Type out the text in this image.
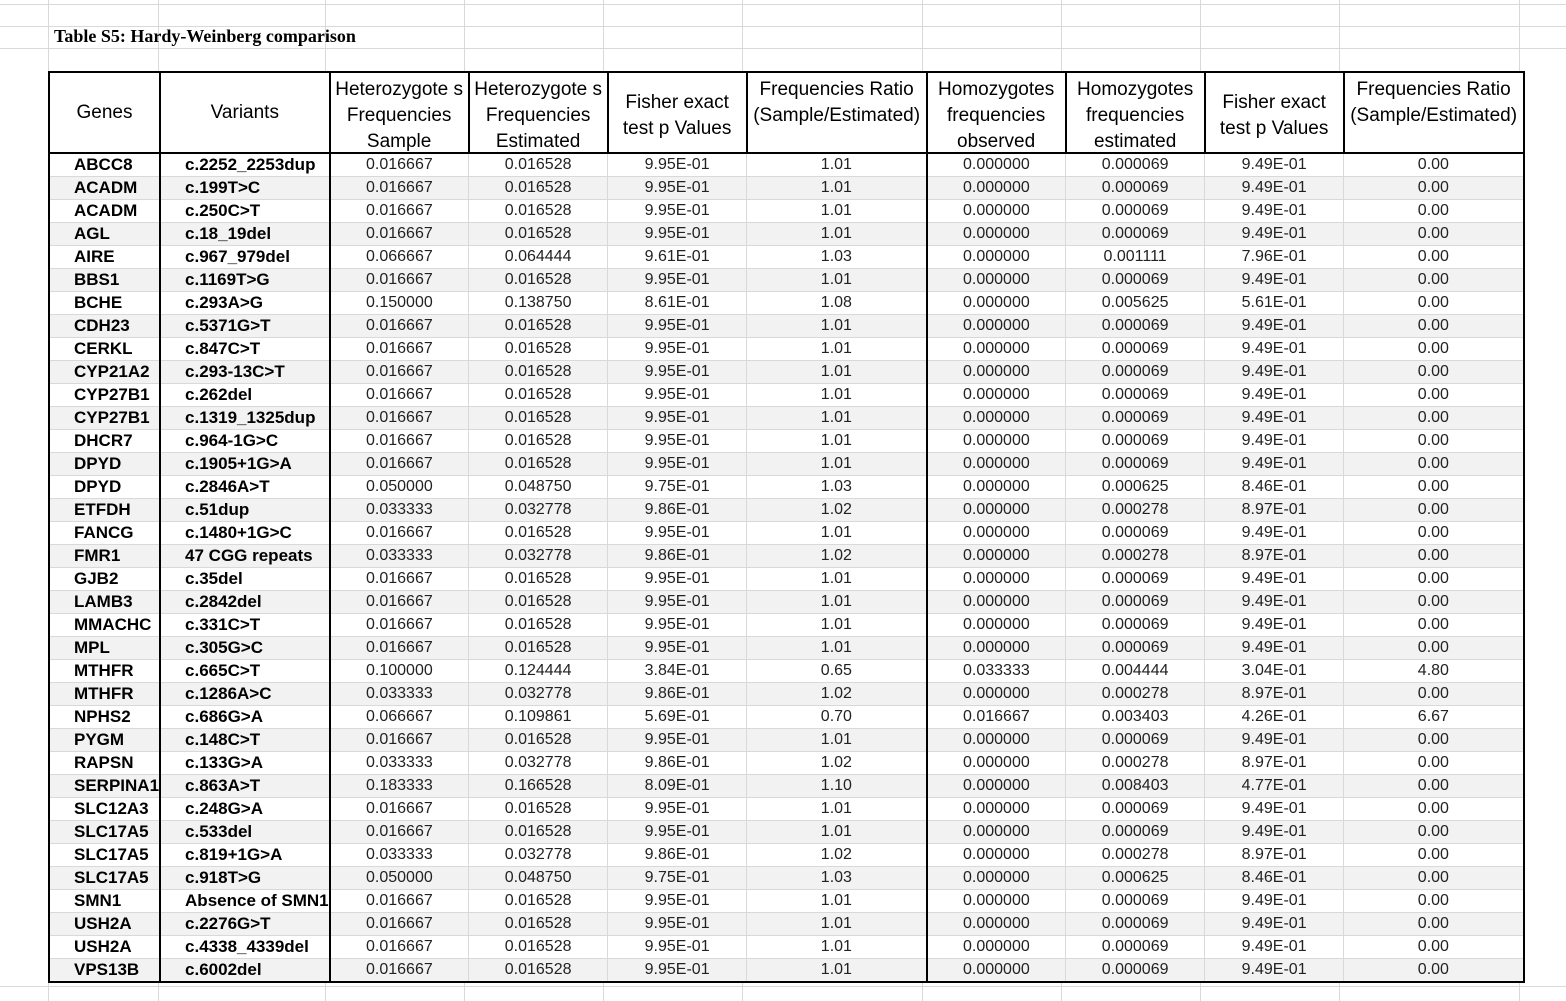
Table S5: Hardy-Weinberg comparison
Genes	Variants	Heterozygote s Frequencies Sample	Heterozygote s Frequencies Estimated	Fisher exact test p Values	Frequencies Ratio (Sample/Estimated)	Homozygotes frequencies observed	Homozygotes frequencies estimated	Fisher exact test p Values	Frequencies Ratio (Sample/Estimated)

ABCC8	c.2252_2253dup	0.016667	0.016528	9.95E-01	1.01	0.000000	0.000069	9.49E-01	0.00
ACADM	c.199T>C	0.016667	0.016528	9.95E-01	1.01	0.000000	0.000069	9.49E-01	0.00
ACADM	c.250C>T	0.016667	0.016528	9.95E-01	1.01	0.000000	0.000069	9.49E-01	0.00
AGL	c.18_19del	0.016667	0.016528	9.95E-01	1.01	0.000000	0.000069	9.49E-01	0.00
AIRE	c.967_979del	0.066667	0.064444	9.61E-01	1.03	0.000000	0.001111	7.96E-01	0.00
BBS1	c.1169T>G	0.016667	0.016528	9.95E-01	1.01	0.000000	0.000069	9.49E-01	0.00
BCHE	c.293A>G	0.150000	0.138750	8.61E-01	1.08	0.000000	0.005625	5.61E-01	0.00
CDH23	c.5371G>T	0.016667	0.016528	9.95E-01	1.01	0.000000	0.000069	9.49E-01	0.00
CERKL	c.847C>T	0.016667	0.016528	9.95E-01	1.01	0.000000	0.000069	9.49E-01	0.00
CYP21A2	c.293-13C>T	0.016667	0.016528	9.95E-01	1.01	0.000000	0.000069	9.49E-01	0.00
CYP27B1	c.262del	0.016667	0.016528	9.95E-01	1.01	0.000000	0.000069	9.49E-01	0.00
CYP27B1	c.1319_1325dup	0.016667	0.016528	9.95E-01	1.01	0.000000	0.000069	9.49E-01	0.00
DHCR7	c.964-1G>C	0.016667	0.016528	9.95E-01	1.01	0.000000	0.000069	9.49E-01	0.00
DPYD	c.1905+1G>A	0.016667	0.016528	9.95E-01	1.01	0.000000	0.000069	9.49E-01	0.00
DPYD	c.2846A>T	0.050000	0.048750	9.75E-01	1.03	0.000000	0.000625	8.46E-01	0.00
ETFDH	c.51dup	0.033333	0.032778	9.86E-01	1.02	0.000000	0.000278	8.97E-01	0.00
FANCG	c.1480+1G>C	0.016667	0.016528	9.95E-01	1.01	0.000000	0.000069	9.49E-01	0.00
FMR1	47 CGG repeats	0.033333	0.032778	9.86E-01	1.02	0.000000	0.000278	8.97E-01	0.00
GJB2	c.35del	0.016667	0.016528	9.95E-01	1.01	0.000000	0.000069	9.49E-01	0.00
LAMB3	c.2842del	0.016667	0.016528	9.95E-01	1.01	0.000000	0.000069	9.49E-01	0.00
MMACHC	c.331C>T	0.016667	0.016528	9.95E-01	1.01	0.000000	0.000069	9.49E-01	0.00
MPL	c.305G>C	0.016667	0.016528	9.95E-01	1.01	0.000000	0.000069	9.49E-01	0.00
MTHFR	c.665C>T	0.100000	0.124444	3.84E-01	0.65	0.033333	0.004444	3.04E-01	4.80
MTHFR	c.1286A>C	0.033333	0.032778	9.86E-01	1.02	0.000000	0.000278	8.97E-01	0.00
NPHS2	c.686G>A	0.066667	0.109861	5.69E-01	0.70	0.016667	0.003403	4.26E-01	6.67
PYGM	c.148C>T	0.016667	0.016528	9.95E-01	1.01	0.000000	0.000069	9.49E-01	0.00
RAPSN	c.133G>A	0.033333	0.032778	9.86E-01	1.02	0.000000	0.000278	8.97E-01	0.00
SERPINA1	c.863A>T	0.183333	0.166528	8.09E-01	1.10	0.000000	0.008403	4.77E-01	0.00
SLC12A3	c.248G>A	0.016667	0.016528	9.95E-01	1.01	0.000000	0.000069	9.49E-01	0.00
SLC17A5	c.533del	0.016667	0.016528	9.95E-01	1.01	0.000000	0.000069	9.49E-01	0.00
SLC17A5	c.819+1G>A	0.033333	0.032778	9.86E-01	1.02	0.000000	0.000278	8.97E-01	0.00
SLC17A5	c.918T>G	0.050000	0.048750	9.75E-01	1.03	0.000000	0.000625	8.46E-01	0.00
SMN1	Absence of SMN1	0.016667	0.016528	9.95E-01	1.01	0.000000	0.000069	9.49E-01	0.00
USH2A	c.2276G>T	0.016667	0.016528	9.95E-01	1.01	0.000000	0.000069	9.49E-01	0.00
USH2A	c.4338_4339del	0.016667	0.016528	9.95E-01	1.01	0.000000	0.000069	9.49E-01	0.00
VPS13B	c.6002del	0.016667	0.016528	9.95E-01	1.01	0.000000	0.000069	9.49E-01	0.00
